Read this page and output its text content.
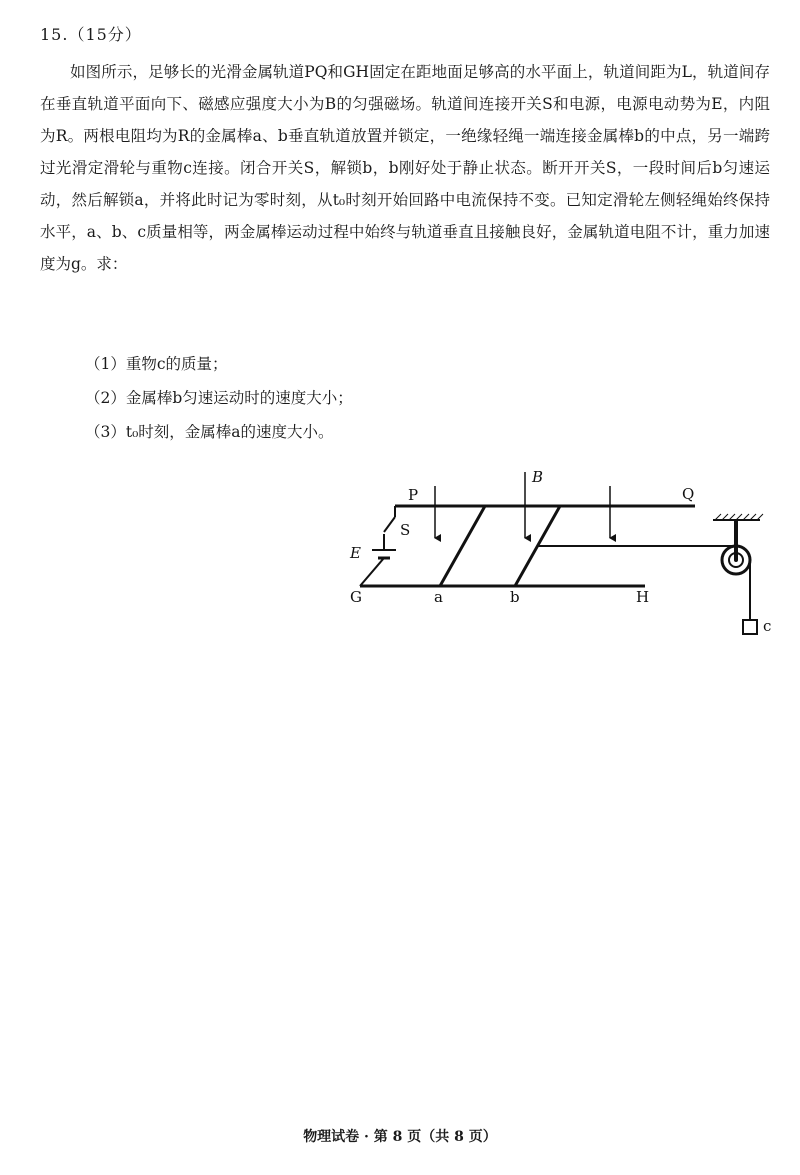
15.（15分）

如图所示，足够长的光滑金属轨道PQ和GH固定在距地面足够高的水平面上，轨道间距为L，轨道间存在垂直轨道平面向下、磁感应强度大小为B的匀强磁场。轨道间连接开关S和电源，电源电动势为E，内阻为R。两根电阻均为R的金属棒a、b垂直轨道放置并锁定，一绝缘轻绳一端连接金属棒b的中点，另一端跨过光滑定滑轮与重物c连接。闭合开关S，解锁b，b刚好处于静止状态。断开开关S，一段时间后b匀速运动，然后解锁a，并将此时记为零时刻，从t₀时刻开始回路中电流保持不变。已知定滑轮左侧轻绳始终保持水平，a、b、c质量相等，两金属棒运动过程中始终与轨道垂直且接触良好，金属轨道电阻不计，重力加速度为g。求：

（1）重物c的质量；

（2）金属棒b匀速运动时的速度大小；

（3）t₀时刻，金属棒a的速度大小。

P	Q
G	H
S
E
B
a	b
c
物理试卷 · 第 8 页（共 8 页）
